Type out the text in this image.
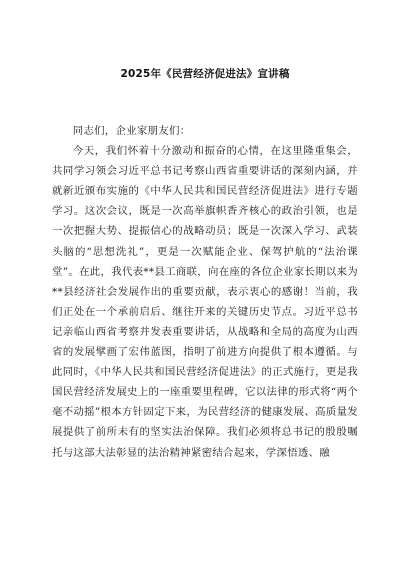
2025年《民营经济促进法》宣讲稿

同志们，企业家朋友们：

今天，我们怀着十分激动和振奋的心情，在这里隆重集会，共同学习领会习近平总书记考察山西省重要讲话的深刻内涵，并就新近颁布实施的《中华人民共和国民营经济促进法》进行专题学习。这次会议，既是一次高举旗帜香齐核心的政治引领，也是一次把握大势、提振信心的战略动员；既是一次深入学习、武装头脑的“思想洗礼”，更是一次赋能企业、保驾护航的“法治课堂”。在此，我代表**县工商联，向在座的各位企业家长期以来为**县经济社会发展作出的重要贡献，表示衷心的感谢！当前，我们正处在一个承前启后、继往开来的关键历史节点。习近平总书记亲临山西省考察并发表重要讲话，从战略和全局的高度为山西省的发展擘画了宏伟蓝图，指明了前进方向提供了根本遵循。与此同时，《中华人民共和国民营经济促进法》的正式施行，更是我国民营经济发展史上的一座重要里程碑，它以法律的形式将“两个毫不动摇”根本方针固定下来，为民营经济的健康发展、高质量发展提供了前所未有的坚实法治保障。我们必须将总书记的殷殷嘱托与这部大法彰显的法治精神紧密结合起来，学深悟透、融
